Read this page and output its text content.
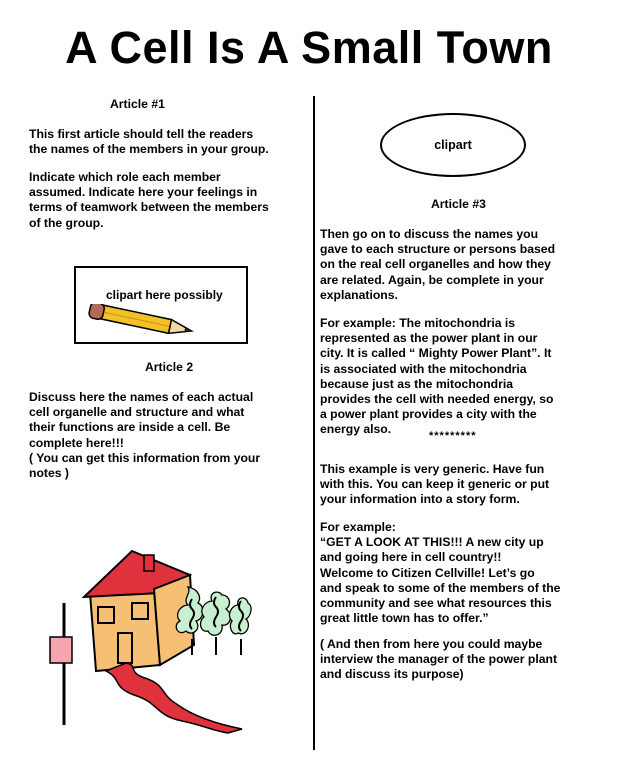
A Cell Is A Small Town

Article #1

This first article should tell the readers
the names of the members in your group.

Indicate which role each member
assumed. Indicate here your feelings in
terms of teamwork between the members
of the group.

clipart here possibly

Article 2

Discuss here the names of each actual
cell organelle and structure and what
their functions are inside a cell. Be
complete here!!!
( You can get this information from your
notes )

clipart

Article #3

Then go on to discuss the names you
gave to each structure or persons based
on the real cell organelles and how they
are related. Again, be complete in your
explanations.

For example: The mitochondria is
represented as the power plant in our
city. It is called “ Mighty Power Plant”. It
is associated with the mitochondria
because just as the mitochondria
provides the cell with needed energy, so
a power plant provides a city with the
energy also.	*********

This example is very generic. Have fun
with this. You can keep it generic or put
your information into a story form.

For example:
“GET A LOOK AT THIS!!! A new city up
and going here in cell country!!
Welcome to Citizen Cellville! Let’s go
and speak to some of the members of the
community and see what resources this
great little town has to offer.”

( And then from here you could maybe
interview the manager of the power plant
and discuss its purpose)
